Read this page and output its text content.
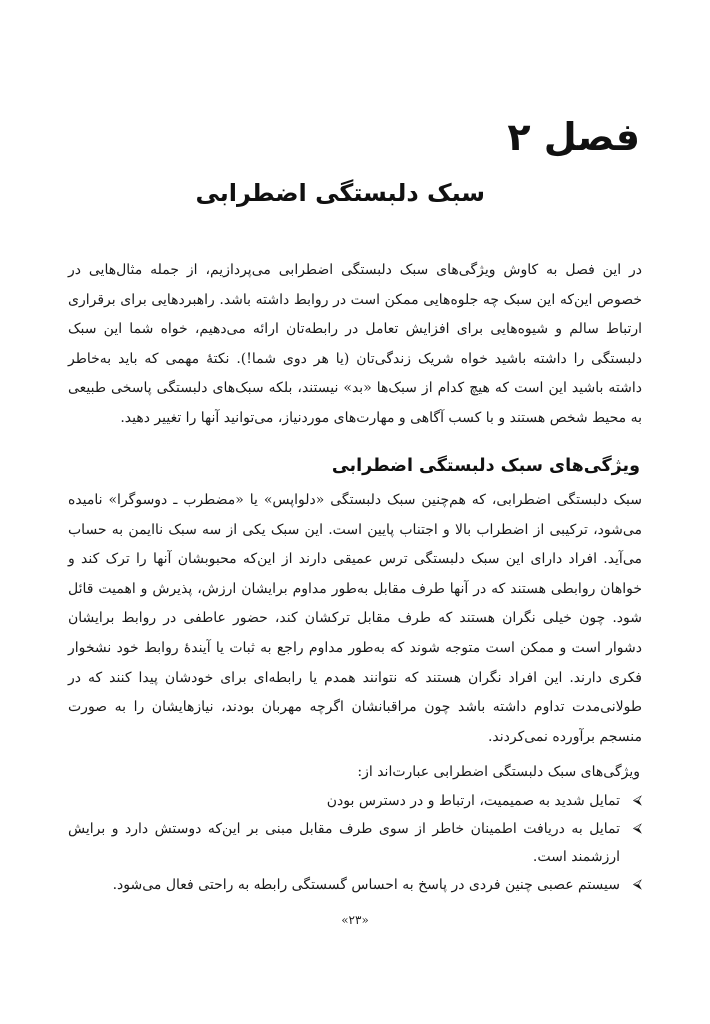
فصل ۲
سبک دلبستگی اضطرابی

در این فصل به کاوش ویژگی‌های سبک دلبستگی اضطرابی می‌پردازیم، از جمله مثال‌هایی در خصوص این‌که این سبک چه جلوه‌هایی ممکن است در روابط داشته باشد. راهبردهایی برای برقراری ارتباط سالم و شیوه‌هایی برای افزایش تعامل در رابطه‌تان ارائه می‌دهیم، خواه شما این سبک دلبستگی را داشته باشید خواه شریک زندگی‌تان (یا هر دوی شما!). نکتهٔ مهمی که باید به‌خاطر داشته باشید این است که هیچ کدام از سبک‌ها «بد» نیستند، بلکه سبک‌های دلبستگی پاسخی طبیعی به محیط شخص هستند و با کسب آگاهی و مهارت‌های موردنیاز، می‌توانید آنها را تغییر دهید.

ویژگی‌های سبک دلبستگی اضطرابی

سبک دلبستگی اضطرابی، که هم‌چنین سبک دلبستگی «دلواپس» یا «مضطرب ـ دوسوگرا» نامیده می‌شود، ترکیبی از اضطراب بالا و اجتناب پایین است. این سبک یکی از سه سبک ناایمن به حساب می‌آید. افراد دارای این سبک دلبستگی ترس عمیقی دارند از این‌که محبوبشان آنها را ترک کند و خواهان روابطی هستند که در آنها طرف مقابل به‌طور مداوم برایشان ارزش، پذیرش و اهمیت قائل شود. چون خیلی نگران هستند که طرف مقابل ترکشان کند، حضور عاطفی در روابط برایشان دشوار است و ممکن است متوجه شوند که به‌طور مداوم راجع به ثبات یا آیندهٔ روابط خود نشخوار فکری دارند. این افراد نگران هستند که نتوانند همدم یا رابطه‌ای برای خودشان پیدا کنند که در طولانی‌مدت تداوم داشته باشد چون مراقبانشان اگرچه مهربان بودند، نیازهایشان را به صورت منسجم برآورده نمی‌کردند.

ویژگی‌های سبک دلبستگی اضطرابی عبارت‌اند از:

⮘
تمایل شدید به صمیمیت، ارتباط و در دسترس بودن
⮘
تمایل به دریافت اطمینان خاطر از سوی طرف مقابل مبنی بر این‌که دوستش دارد و برایش ارزشمند است.
⮘
سیستم عصبی چنین فردی در پاسخ به احساس گسستگی رابطه به راحتی فعال می‌شود.

«۲۳»
